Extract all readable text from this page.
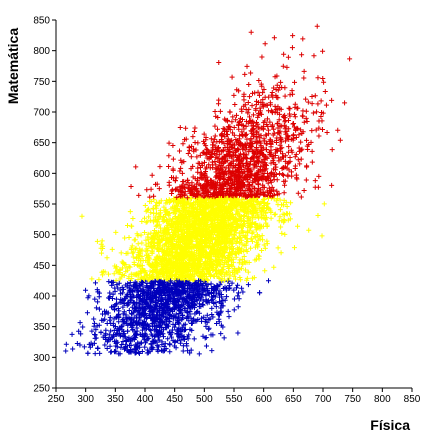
250 300 350 400 450 500 550 600 650 700 750 800 850
250
300
350
400
450
500
550
600
650
700
750
800
850
Física
Matemática
